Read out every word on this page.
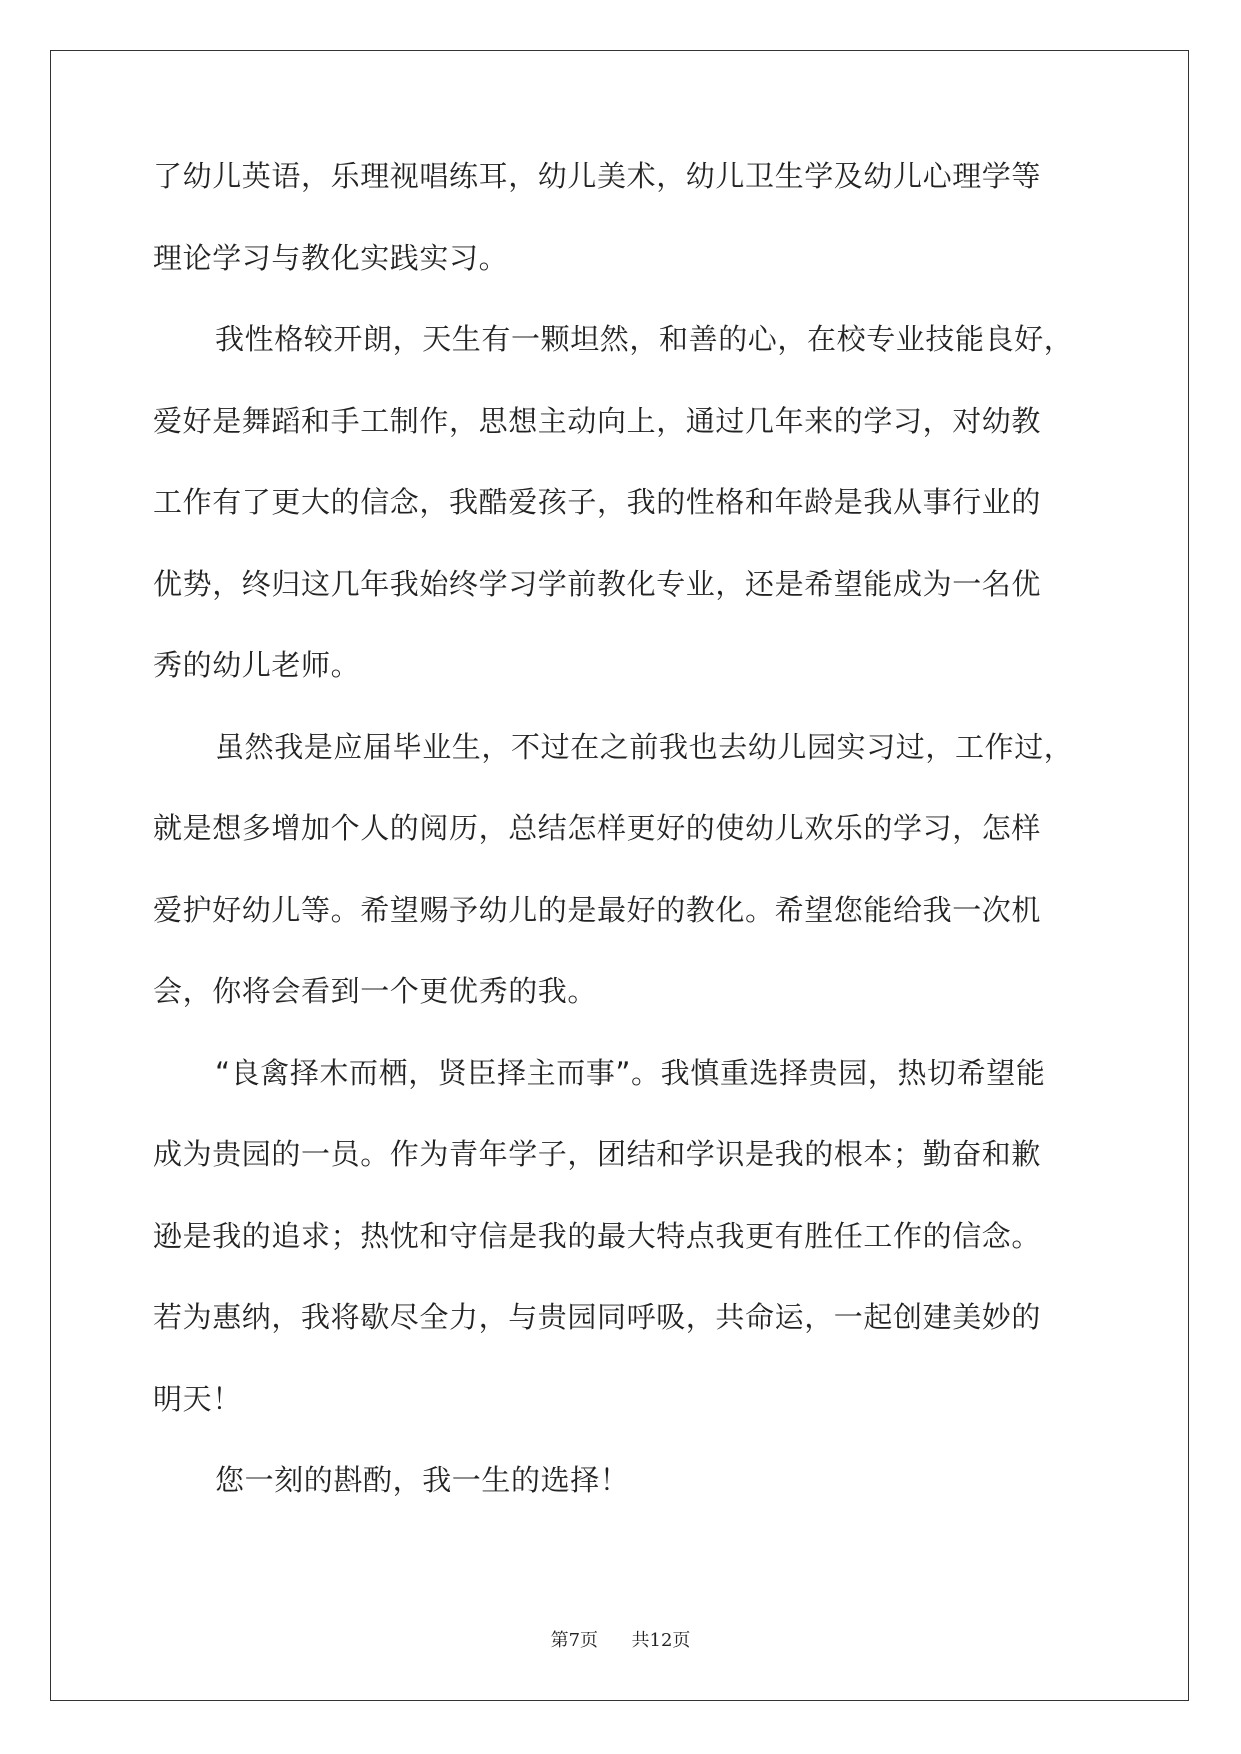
了幼儿英语，乐理视唱练耳，幼儿美术，幼儿卫生学及幼儿心理学等
理论学习与教化实践实习。
我性格较开朗，天生有一颗坦然，和善的心，在校专业技能良好，
爱好是舞蹈和手工制作，思想主动向上，通过几年来的学习，对幼教
工作有了更大的信念，我酷爱孩子，我的性格和年龄是我从事行业的
优势，终归这几年我始终学习学前教化专业，还是希望能成为一名优
秀的幼儿老师。
虽然我是应届毕业生，不过在之前我也去幼儿园实习过，工作过，
就是想多增加个人的阅历，总结怎样更好的使幼儿欢乐的学习，怎样
爱护好幼儿等。希望赐予幼儿的是最好的教化。希望您能给我一次机
会，你将会看到一个更优秀的我。
“良禽择木而栖，贤臣择主而事”。我慎重选择贵园，热切希望能
成为贵园的一员。作为青年学子，团结和学识是我的根本；勤奋和歉
逊是我的追求；热忱和守信是我的最大特点我更有胜任工作的信念。
若为惠纳，我将歇尽全力，与贵园同呼吸，共命运，一起创建美妙的
明天！
您一刻的斟酌，我一生的选择！
第7页 共12页
